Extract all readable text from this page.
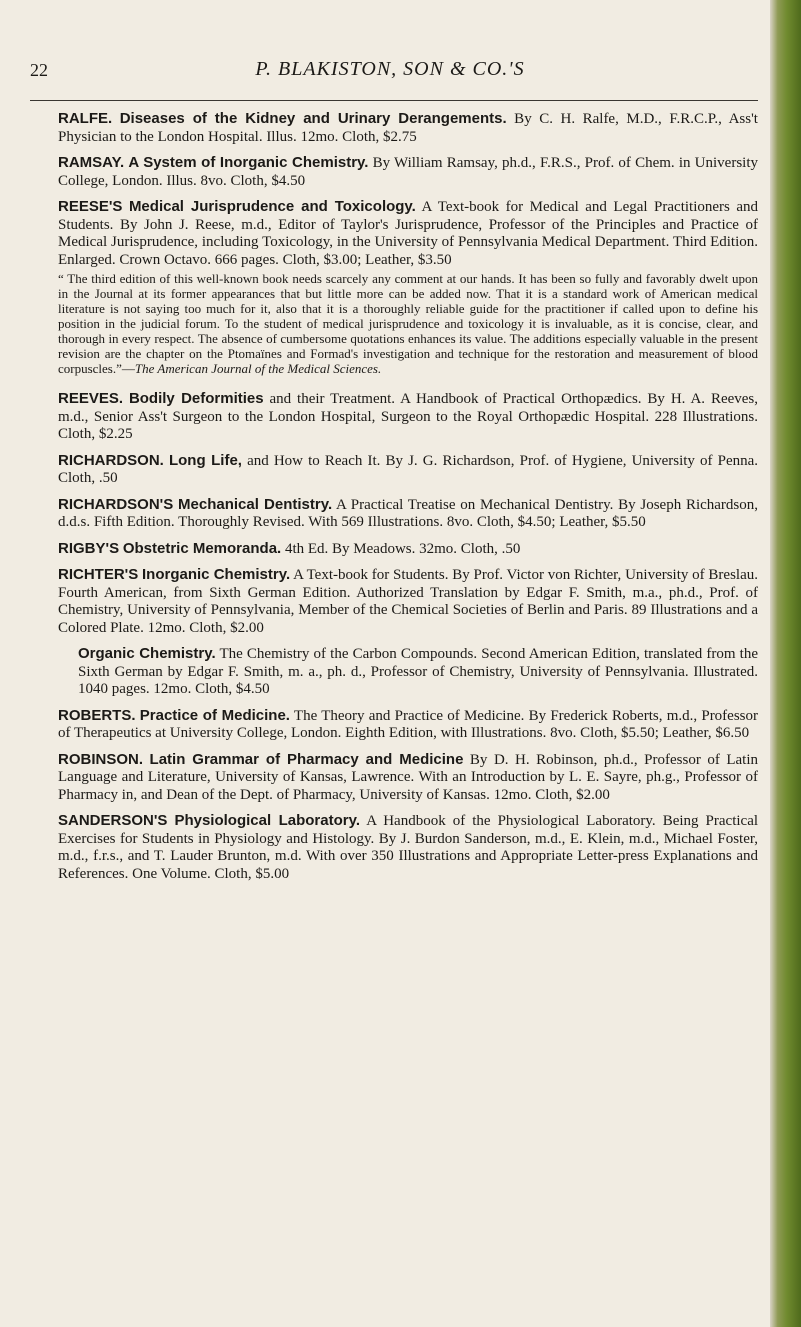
22	P. BLAKISTON, SON & CO.'S

RALFE. Diseases of the Kidney and Urinary Derangements. By C. H. Ralfe, M.D., F.R.C.P., Ass't Physician to the London Hospital. Illus. 12mo. Cloth, $2.75

RAMSAY. A System of Inorganic Chemistry. By William Ramsay, ph.d., F.R.S., Prof. of Chem. in University College, London. Illus. 8vo. Cloth, $4.50

REESE'S Medical Jurisprudence and Toxicology. A Text-book for Medical and Legal Practitioners and Students. By John J. Reese, m.d., Editor of Taylor's Jurisprudence, Professor of the Principles and Practice of Medical Jurisprudence, including Toxicology, in the University of Pennsylvania Medical Department. Third Edition. Enlarged. Crown Octavo. 666 pages. Cloth, $3.00; Leather, $3.50

“ The third edition of this well-known book needs scarcely any comment at our hands. It has been so fully and favorably dwelt upon in the Journal at its former appearances that but little more can be added now. That it is a standard work of American medical literature is not saying too much for it, also that it is a thoroughly reliable guide for the practitioner if called upon to define his position in the judicial forum. To the student of medical jurisprudence and toxicology it is invaluable, as it is concise, clear, and thorough in every respect. The absence of cumbersome quotations enhances its value. The additions especially valuable in the present revision are the chapter on the Ptomaïnes and Formad's investigation and technique for the restoration and measurement of blood corpuscles.”—The American Journal of the Medical Sciences.

REEVES. Bodily Deformities and their Treatment. A Handbook of Practical Orthopædics. By H. A. Reeves, m.d., Senior Ass't Surgeon to the London Hospital, Surgeon to the Royal Orthopædic Hospital. 228 Illustrations. Cloth, $2.25

RICHARDSON. Long Life, and How to Reach It. By J. G. Richardson, Prof. of Hygiene, University of Penna. Cloth, .50

RICHARDSON'S Mechanical Dentistry. A Practical Treatise on Mechanical Dentistry. By Joseph Richardson, d.d.s. Fifth Edition. Thoroughly Revised. With 569 Illustrations. 8vo. Cloth, $4.50; Leather, $5.50

RIGBY'S Obstetric Memoranda. 4th Ed. By Meadows. 32mo. Cloth, .50

RICHTER'S Inorganic Chemistry. A Text-book for Students. By Prof. Victor von Richter, University of Breslau. Fourth American, from Sixth German Edition. Authorized Translation by Edgar F. Smith, m.a., ph.d., Prof. of Chemistry, University of Pennsylvania, Member of the Chemical Societies of Berlin and Paris. 89 Illustrations and a Colored Plate. 12mo. Cloth, $2.00

Organic Chemistry. The Chemistry of the Carbon Compounds. Second American Edition, translated from the Sixth German by Edgar F. Smith, m. a., ph. d., Professor of Chemistry, University of Pennsylvania. Illustrated. 1040 pages. 12mo. Cloth, $4.50

ROBERTS. Practice of Medicine. The Theory and Practice of Medicine. By Frederick Roberts, m.d., Professor of Therapeutics at University College, London. Eighth Edition, with Illustrations. 8vo. Cloth, $5.50; Leather, $6.50

ROBINSON. Latin Grammar of Pharmacy and Medicine By D. H. Robinson, ph.d., Professor of Latin Language and Literature, University of Kansas, Lawrence. With an Introduction by L. E. Sayre, ph.g., Professor of Pharmacy in, and Dean of the Dept. of Pharmacy, University of Kansas. 12mo. Cloth, $2.00

SANDERSON'S Physiological Laboratory. A Handbook of the Physiological Laboratory. Being Practical Exercises for Students in Physiology and Histology. By J. Burdon Sanderson, m.d., E. Klein, m.d., Michael Foster, m.d., f.r.s., and T. Lauder Brunton, m.d. With over 350 Illustrations and Appropriate Letter-press Explanations and References. One Volume. Cloth, $5.00
